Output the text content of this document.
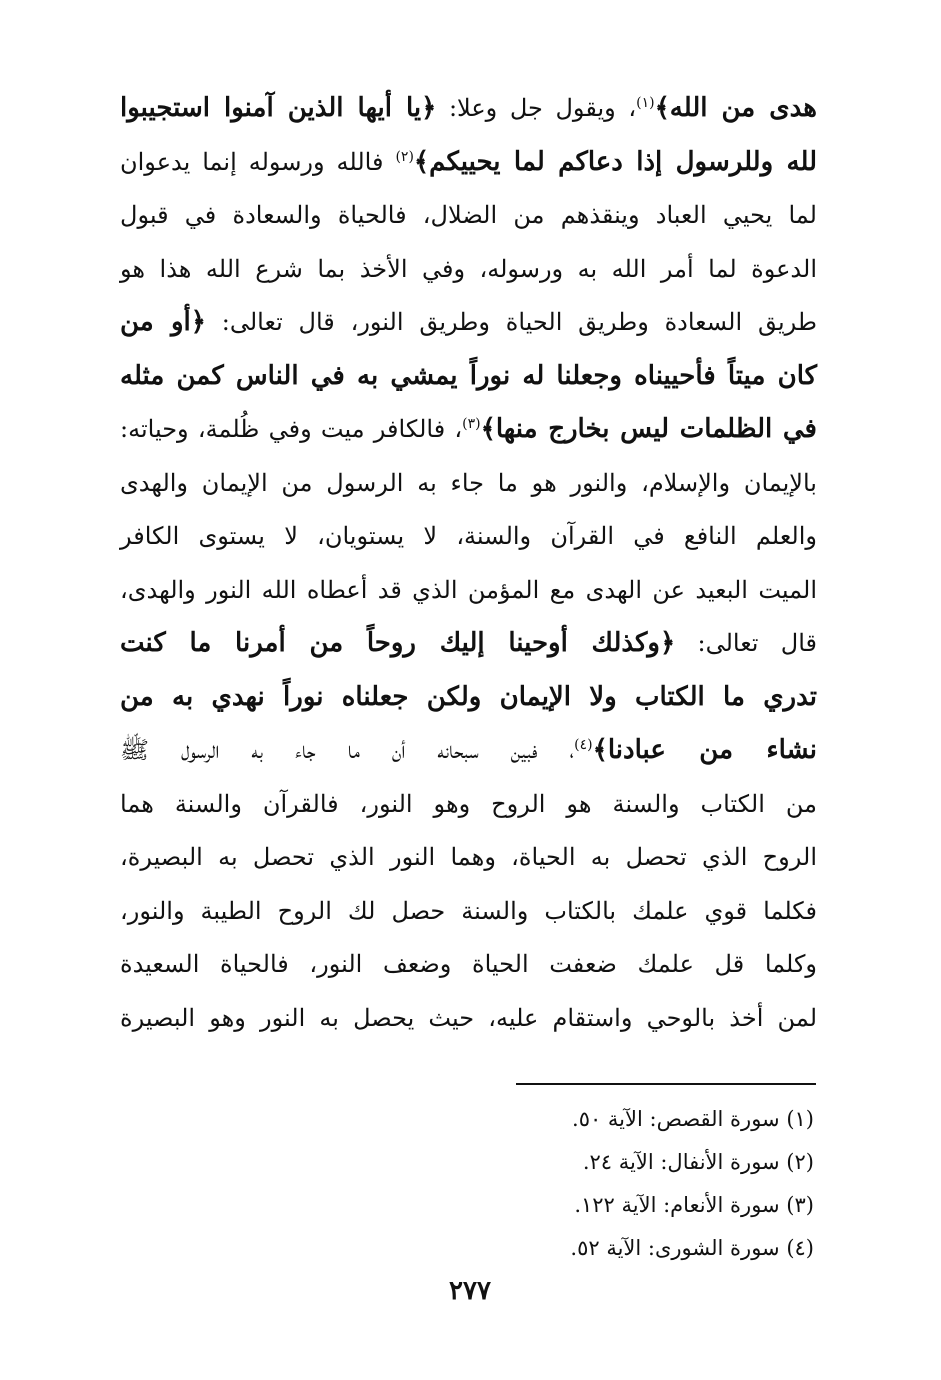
هدى من الله﴾$^{(١)}$، ويقول جل وعلا: ﴿يا أيها الذين آمنوا استجيبوا
لله وللرسول إذا دعاكم لما يحييكم﴾$^{(٢)}$ فالله ورسوله إنما يدعوان
لما يحيي العباد وينقذهم من الضلال، فالحياة والسعادة في قبول
الدعوة لما أمر الله به ورسوله، وفي الأخذ بما شرع الله هذا هو
طريق السعادة وطريق الحياة وطريق النور، قال تعالى: ﴿أو من
كان ميتاً فأحييناه وجعلنا له نوراً يمشي به في الناس كمن مثله
في الظلمات ليس بخارج منها﴾$^{(٣)}$، فالكافر ميت وفي ظُلمة، وحياته:
بالإيمان والإسلام، والنور هو ما جاء به الرسول من الإيمان والهدى
والعلم النافع في القرآن والسنة، لا يستويان، لا يستوى الكافر
الميت البعيد عن الهدى مع المؤمن الذي قد أعطاه الله النور والهدى،
قال تعالى: ﴿وكذلك أوحينا إليك روحاً من أمرنا ما كنت
تدري ما الكتاب ولا الإيمان ولكن جعلناه نوراً نهدي به من
نشاء من عبادنا﴾$^{(٤)}$، فبين سبحانه أن ما جاء به الرسول ﷺ
من الكتاب والسنة هو الروح وهو النور، فالقرآن والسنة هما
الروح الذي تحصل به الحياة، وهما النور الذي تحصل به البصيرة،
فكلما قوي علمك بالكتاب والسنة حصل لك الروح الطيبة والنور،
وكلما قل علمك ضعفت الحياة وضعف النور، فالحياة السعيدة
لمن أخذ بالوحي واستقام عليه، حيث يحصل به النور وهو البصيرة
(١) سورة القصص: الآية ٥٠.
(٢) سورة الأنفال: الآية ٢٤.
(٣) سورة الأنعام: الآية ١٢٢.
(٤) سورة الشورى: الآية ٥٢.
٢٧٧
